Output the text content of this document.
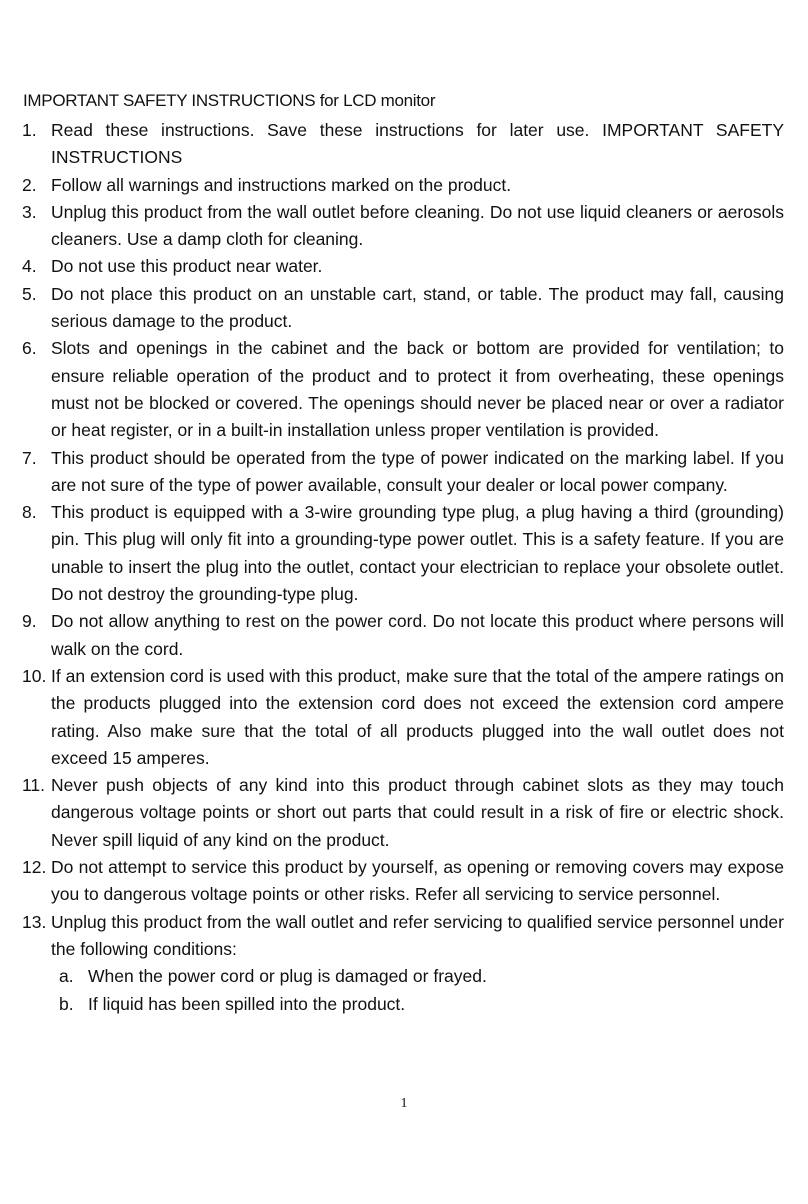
IMPORTANT SAFETY INSTRUCTIONS for LCD monitor
1. Read these instructions. Save these instructions for later use. IMPORTANT SAFETY INSTRUCTIONS
2. Follow all warnings and instructions marked on the product.
3. Unplug this product from the wall outlet before cleaning. Do not use liquid cleaners or aerosols cleaners. Use a damp cloth for cleaning.
4. Do not use this product near water.
5. Do not place this product on an unstable cart, stand, or table. The product may fall, causing serious damage to the product.
6. Slots and openings in the cabinet and the back or bottom are provided for ventilation; to ensure reliable operation of the product and to protect it from overheating, these openings must not be blocked or covered. The openings should never be placed near or over a radiator or heat register, or in a built-in installation unless proper ventilation is provided.
7. This product should be operated from the type of power indicated on the marking label. If you are not sure of the type of power available, consult your dealer or local power company.
8. This product is equipped with a 3-wire grounding type plug, a plug having a third (grounding) pin. This plug will only fit into a grounding-type power outlet. This is a safety feature. If you are unable to insert the plug into the outlet, contact your electrician to replace your obsolete outlet. Do not destroy the grounding-type plug.
9. Do not allow anything to rest on the power cord. Do not locate this product where persons will walk on the cord.
10. If an extension cord is used with this product, make sure that the total of the ampere ratings on the products plugged into the extension cord does not exceed the extension cord ampere rating. Also make sure that the total of all products plugged into the wall outlet does not exceed 15 amperes.
11. Never push objects of any kind into this product through cabinet slots as they may touch dangerous voltage points or short out parts that could result in a risk of fire or electric shock. Never spill liquid of any kind on the product.
12. Do not attempt to service this product by yourself, as opening or removing covers may expose you to dangerous voltage points or other risks. Refer all servicing to service personnel.
13. Unplug this product from the wall outlet and refer servicing to qualified service personnel under the following conditions:
a. When the power cord or plug is damaged or frayed.
b. If liquid has been spilled into the product.
1
